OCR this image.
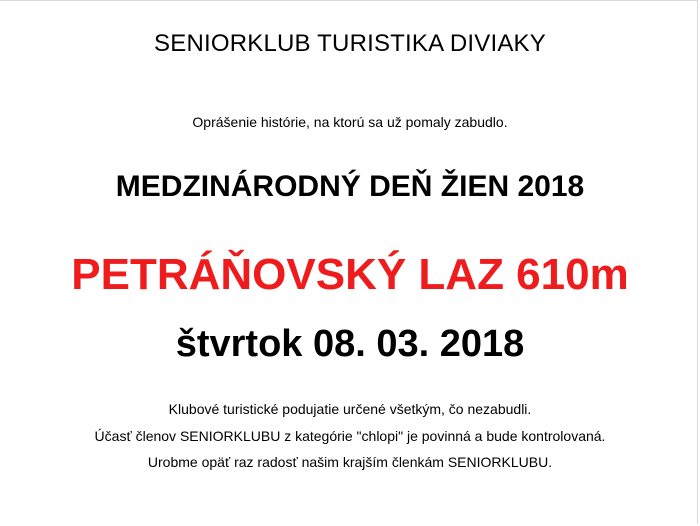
SENIORKLUB TURISTIKA DIVIAKY
Oprášenie histórie, na ktorú sa už pomaly zabudlo.
MEDZINÁRODNÝ DEŇ ŽIEN 2018
PETRÁŇOVSKÝ LAZ 610m
štvrtok 08. 03. 2018
Klubové turistické podujatie určené všetkým, čo nezabudli.
Účasť členov SENIORKLUBU z kategórie "chlopi" je povinná a bude kontrolovaná.
Urobme opäť raz radosť našim krajším členkám SENIORKLUBU.
